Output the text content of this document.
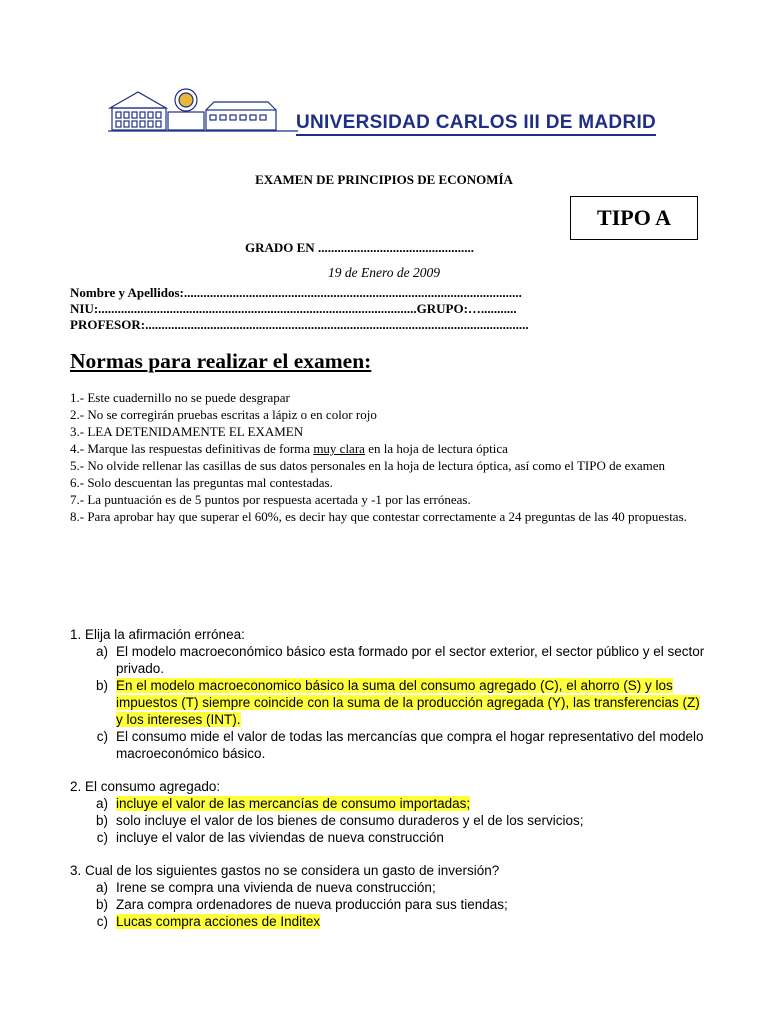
UNIVERSIDAD CARLOS III DE MADRID
EXAMEN DE PRINCIPIOS DE ECONOMÍA
TIPO A
GRADO EN ................................................
19 de Enero de 2009
Nombre y Apellidos:........................................................................................................
NIU:..................................................................................................GRUPO:…...........
PROFESOR:......................................................................................................................
Normas para realizar el examen:
1.- Este cuadernillo no se puede desgrapar
2.- No se corregirán pruebas escritas a lápiz o en color rojo
3.- LEA DETENIDAMENTE EL EXAMEN
4.- Marque las respuestas definitivas de forma muy clara en la hoja de lectura óptica
5.- No olvide rellenar las casillas de sus datos personales en la hoja de lectura óptica, así como el TIPO de examen
6.- Solo descuentan las preguntas mal contestadas.
7.- La puntuación es de 5 puntos por respuesta acertada y -1 por las erróneas.
8.- Para aprobar hay que superar el 60%, es decir hay que contestar correctamente a 24 preguntas de las 40 propuestas.
1. Elija la afirmación errónea:
a) El modelo macroeconómico básico esta formado por el sector exterior, el sector público y el sector privado.
b) En el modelo macroeconomico básico la suma del consumo agregado (C), el ahorro (S) y los impuestos (T) siempre coincide con la suma de la producción agregada (Y), las transferencias (Z) y los intereses (INT).
c) El consumo mide el valor de todas las mercancías que compra el hogar representativo del modelo macroeconómico básico.
2. El consumo agregado:
a) incluye el valor de las mercancías de consumo importadas;
b) solo incluye el valor de los bienes de consumo duraderos y el de los servicios;
c) incluye el valor de las viviendas de nueva construcción
3. Cual de los siguientes gastos no se considera un gasto de inversión?
a) Irene se compra una vivienda de nueva construcción;
b) Zara compra ordenadores de nueva producción para sus tiendas;
c) Lucas compra acciones de Inditex
